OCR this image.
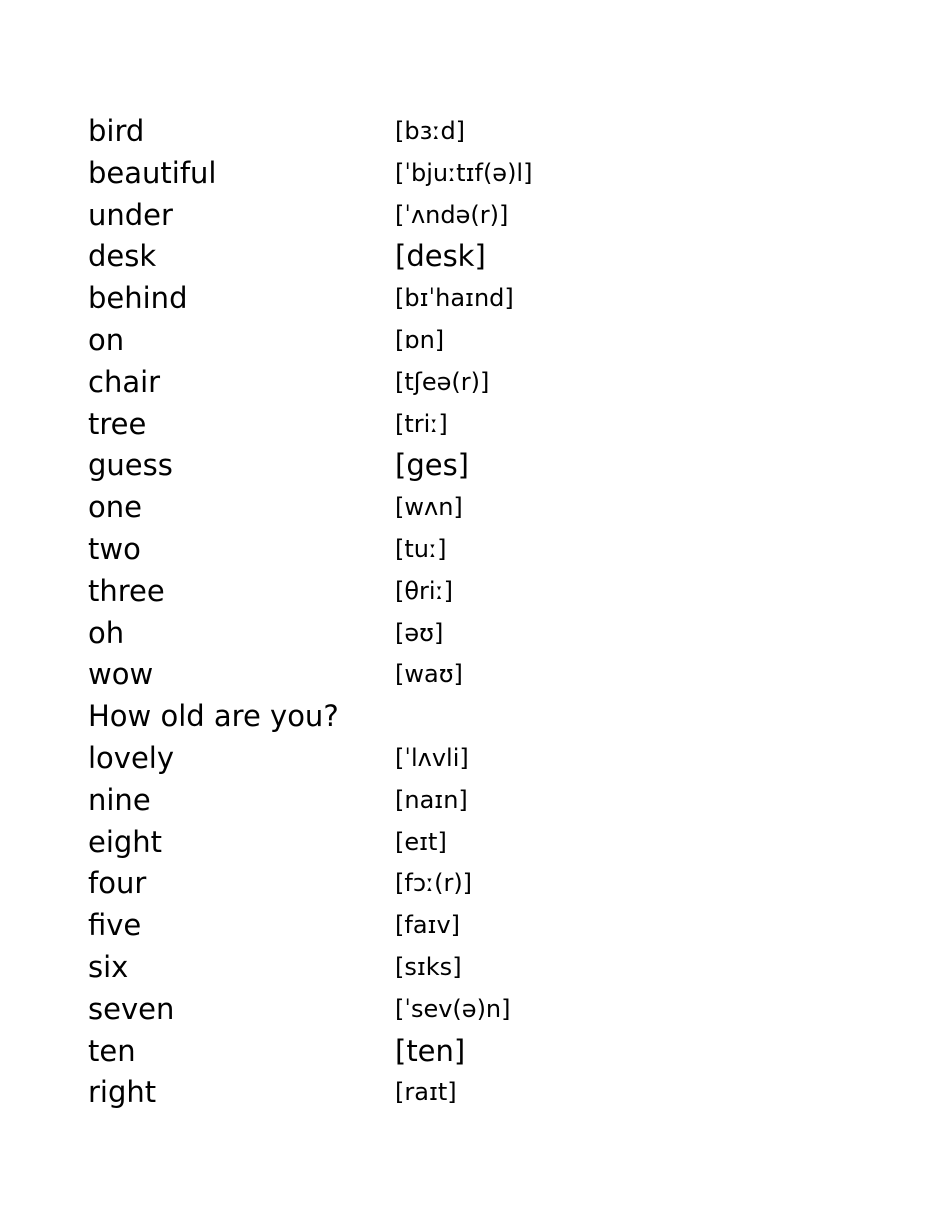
bird	[bɜːd]
beautiful	[ˈbjuːtɪf(ə)l]
under	[ˈʌndə(r)]
desk	[desk]
behind	[bɪˈhaɪnd]
on	[ɒn]
chair	[tʃeə(r)]
tree	[triː]
guess	[ges]
one	[wʌn]
two	[tuː]
three	[θriː]
oh	[əʊ]
wow	[waʊ]
How old are you?
lovely	[ˈlʌvli]
nine	[naɪn]
eight	[eɪt]
four	[fɔː(r)]
five	[faɪv]
six	[sɪks]
seven	[ˈsev(ə)n]
ten	[ten]
right	[raɪt]
